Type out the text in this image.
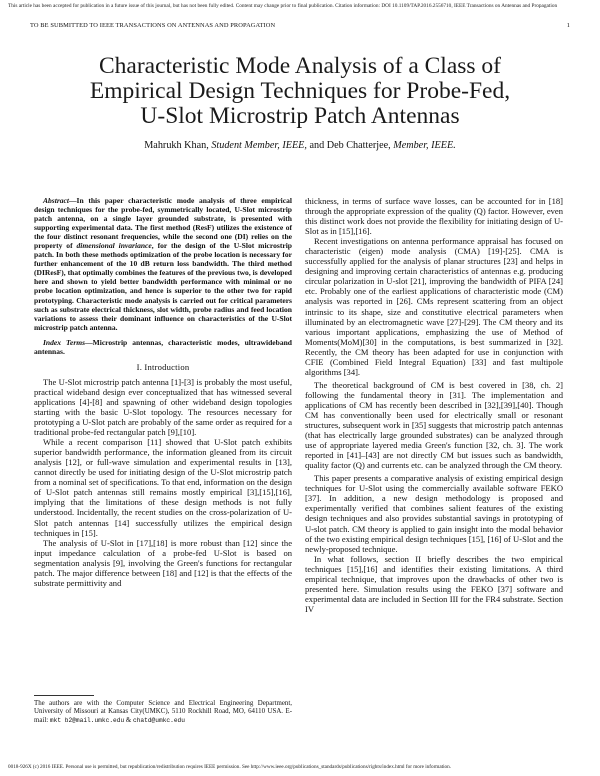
This article has been accepted for publication in a future issue of this journal, but has not been fully edited. Content may change prior to final publication. Citation information: DOI 10.1109/TAP.2016.2556710, IEEE Transactions on Antennas and Propagation
TO BE SUBMITTED TO IEEE TRANSACTIONS ON ANTENNAS AND PROPAGATION	1
Characteristic Mode Analysis of a Class of
Empirical Design Techniques for Probe-Fed,
U-Slot Microstrip Patch Antennas
Mahrukh Khan, Student Member, IEEE, and Deb Chatterjee, Member, IEEE.

Abstract—In this paper characteristic mode analysis of three empirical design techniques for the probe-fed, symmetrically located, U-Slot microstrip patch antenna, on a single layer grounded substrate, is presented with supporting experimental data. The first method (ResF) utilizes the existence of the four distinct resonant frequencies, while the second one (DI) relies on the property of dimensional invariance, for the design of the U-Slot microstrip patch. In both these methods optimization of the probe location is necessary for further enhancement of the 10 dB return loss bandwidth. The third method (DIResF), that optimally combines the features of the previous two, is developed here and shown to yield better bandwidth performance with minimal or no probe location optimization, and hence is superior to the other two for rapid prototyping. Characteristic mode analysis is carried out for critical parameters such as substrate electrical thickness, slot width, probe radius and feed location variations to assess their dominant influence on characteristics of the U-Slot microstrip patch antenna.

Index Terms—Microstrip antennas, characteristic modes, ultrawideband antennas.

I. Introduction

The U-Slot microstrip patch antenna [1]-[3] is probably the most useful, practical wideband design ever conceptualized that has witnessed several applications [4]-[8] and spawning of other wideband design topologies starting with the basic U-Slot topology. The resources necessary for prototyping a U-Slot patch are probably of the same order as required for a traditional probe-fed rectangular patch [9],[10].

While a recent comparison [11] showed that U-Slot patch exhibits superior bandwidth performance, the information gleaned from its circuit analysis [12], or full-wave simulation and experimental results in [13], cannot directly be used for initiating design of the U-Slot microstrip patch from a nominal set of specifications. To that end, information on the design of U-Slot patch antennas still remains mostly empirical [3],[15],[16], implying that the limitations of these design methods is not fully understood. Incidentally, the recent studies on the cross-polarization of U-Slot patch antennas [14] successfully utilizes the empirical design techniques in [15].

The analysis of U-Slot in [17],[18] is more robust than [12] since the input impedance calculation of a probe-fed U-Slot is based on segmentation analysis [9], involving the Green's functions for rectangular patch. The major difference between [18] and [12] is that the effects of the substrate permittivity and

The authors are with the Computer Science and Electrical Engineering Department, University of Missouri at Kansas City(UMKC), 5110 Rockhill Road, MO, 64110 USA. E-mail: mkt b2@mail.umkc.edu & chatd@umkc.edu

thickness, in terms of surface wave losses, can be accounted for in [18] through the appropriate expression of the quality (Q) factor. However, even this distinct work does not provide the flexibility for initiating design of U-Slot as in [15],[16].

Recent investigations on antenna performance appraisal has focused on characteristic (eigen) mode analysis (CMA) [19]-[25]. CMA is successfully applied for the analysis of planar structures [23] and helps in designing and improving certain characteristics of antennas e.g. producing circular polarization in U-slot [21], improving the bandwidth of PIFA [24] etc. Probably one of the earliest applications of characteristic mode (CM) analysis was reported in [26]. CMs represent scattering from an object intrinsic to its shape, size and constitutive electrical parameters when illuminated by an electromagnetic wave [27]-[29]. The CM theory and its various important applications, emphasizing the use of Method of Moments(MoM)[30] in the computations, is best summarized in [32]. Recently, the CM theory has been adapted for use in conjunction with CFIE (Combined Field Integral Equation) [33] and fast multipole algorithms [34].

The theoretical background of CM is best covered in [38, ch. 2] following the fundamental theory in [31]. The implementation and applications of CM has recently been described in [32],[39],[40]. Though CM has conventionally been used for electrically small or resonant structures, subsequent work in [35] suggests that microstrip patch antennas (that has electrically large grounded substrates) can be analyzed through use of appropriate layered media Green's function [32, ch. 3]. The work reported in [41]–[43] are not directly CM but issues such as bandwidth, quality factor (Q) and currents etc. can be analyzed through the CM theory.

This paper presents a comparative analysis of existing empirical design techniques for U-Slot using the commercially available software FEKO [37]. In addition, a new design methodology is proposed and experimentally verified that combines salient features of the existing design techniques and also provides substantial savings in prototyping of U-slot patch. CM theory is applied to gain insight into the modal behavior of the two existing empirical design techniques [15], [16] of U-Slot and the newly-proposed technique.

In what follows, section II briefly describes the two empirical techniques [15],[16] and identifies their existing limitations. A third empirical technique, that improves upon the drawbacks of other two is presented here. Simulation results using the FEKO [37] software and experimental data are included in Section III for the FR4 substrate. Section IV

0018-926X (c) 2016 IEEE. Personal use is permitted, but republication/redistribution requires IEEE permission. See http://www.ieee.org/publications_standards/publications/rights/index.html for more information.
